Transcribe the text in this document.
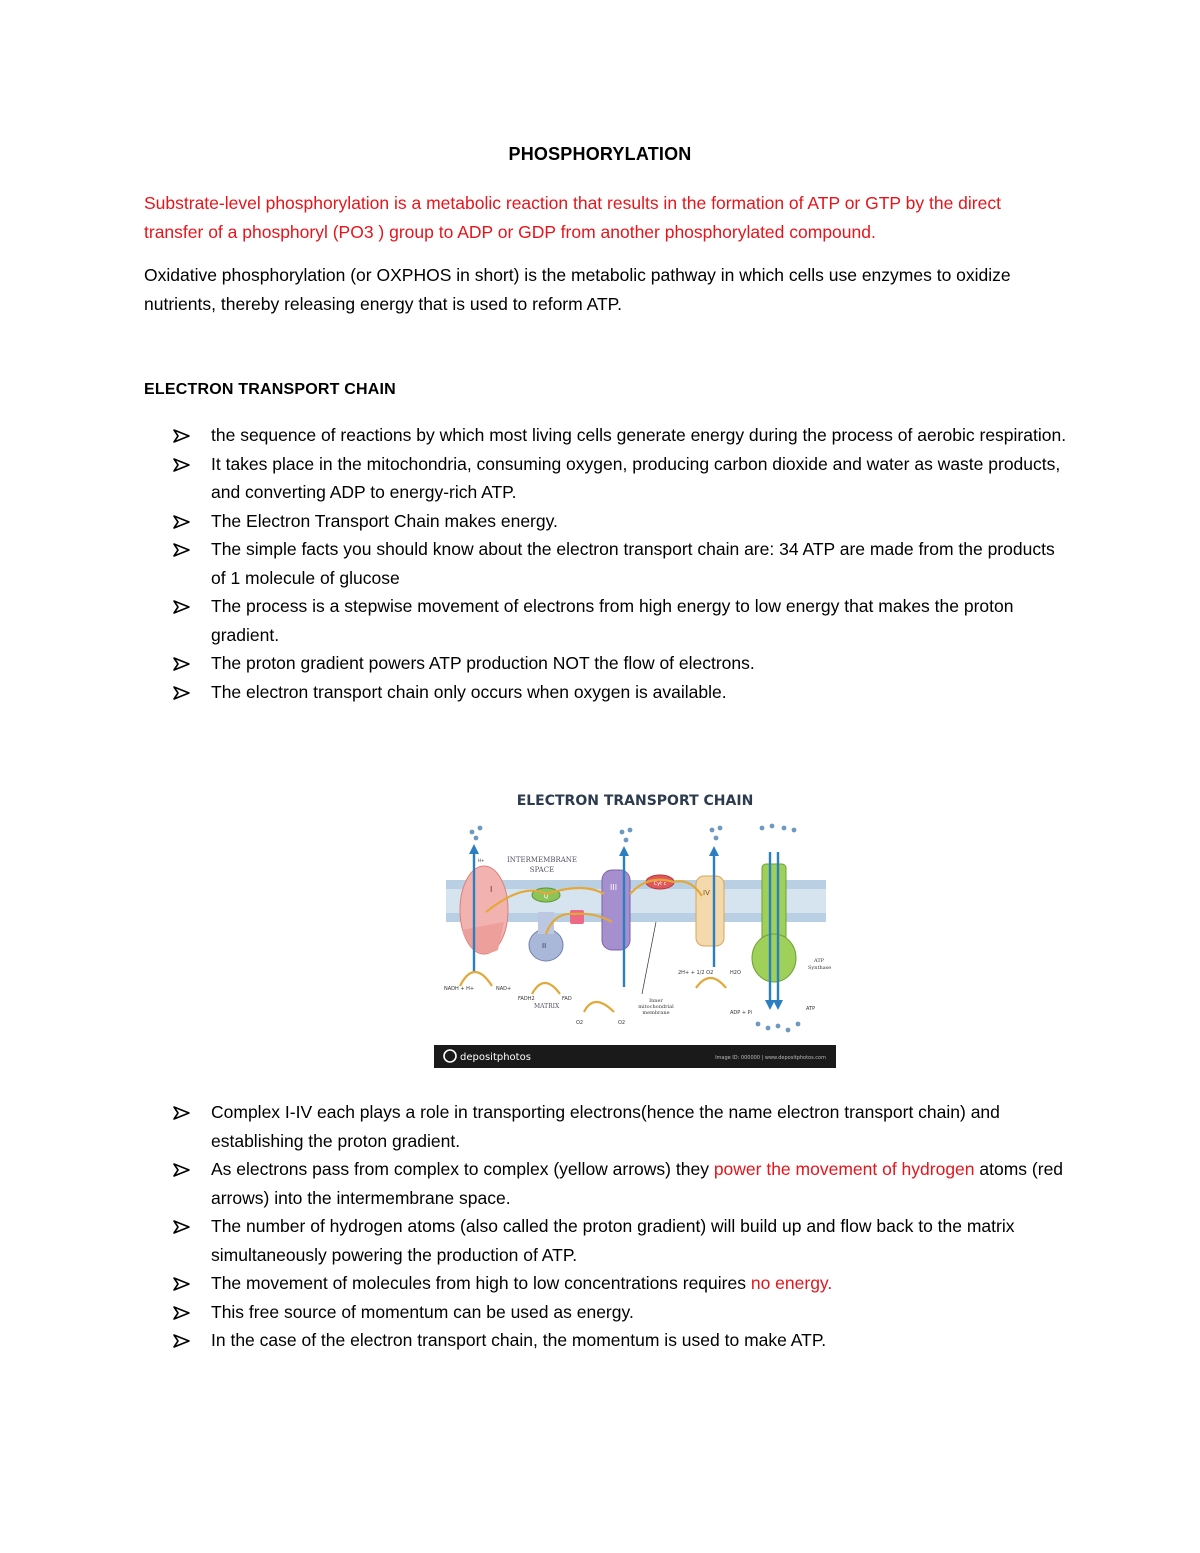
PHOSPHORYLATION
Substrate-level phosphorylation is a metabolic reaction that results in the formation of ATP or GTP by the direct transfer of a phosphoryl (PO3 ) group to ADP or GDP from another phosphorylated compound.
Oxidative phosphorylation (or OXPHOS in short) is the metabolic pathway in which cells use enzymes to oxidize nutrients, thereby releasing energy that is used to reform ATP.
ELECTRON TRANSPORT CHAIN
the sequence of reactions by which most living cells generate energy during the process of aerobic respiration.
It takes place in the mitochondria, consuming oxygen, producing carbon dioxide and water as waste products, and converting ADP to energy-rich ATP.
The Electron Transport Chain makes energy.
The simple facts you should know about the electron transport chain are: 34 ATP are made from the products of 1 molecule of glucose
The process is a stepwise movement of electrons from high energy to low energy that makes the proton gradient.
The proton gradient powers ATP production NOT the flow of electrons.
The electron transport chain only occurs when oxygen is available.
ELECTRON TRANSPORT CHAIN
INTERMEMBRANE
SPACE
I
Q
II
III	Cyt c
IV
ATP
Synthase
H+
NADH + H+	NAD+
FADH2	FAD
2H+ + 1/2 O2	H2O
ADP + Pi
ATP
O2	O2
MATRIX
Inner
mitochondrial
membrane
depositphotos	Image ID: 000000 | www.depositphotos.com
Complex I-IV each plays a role in transporting electrons(hence the name electron transport chain) and establishing the proton gradient.
As electrons pass from complex to complex (yellow arrows) they power the movement of hydrogen atoms (red arrows) into the intermembrane space.
The number of hydrogen atoms (also called the proton gradient) will build up and flow back to the matrix simultaneously powering the production of ATP.
The movement of molecules from high to low concentrations requires no energy.
This free source of momentum can be used as energy.
In the case of the electron transport chain, the momentum is used to make ATP.
